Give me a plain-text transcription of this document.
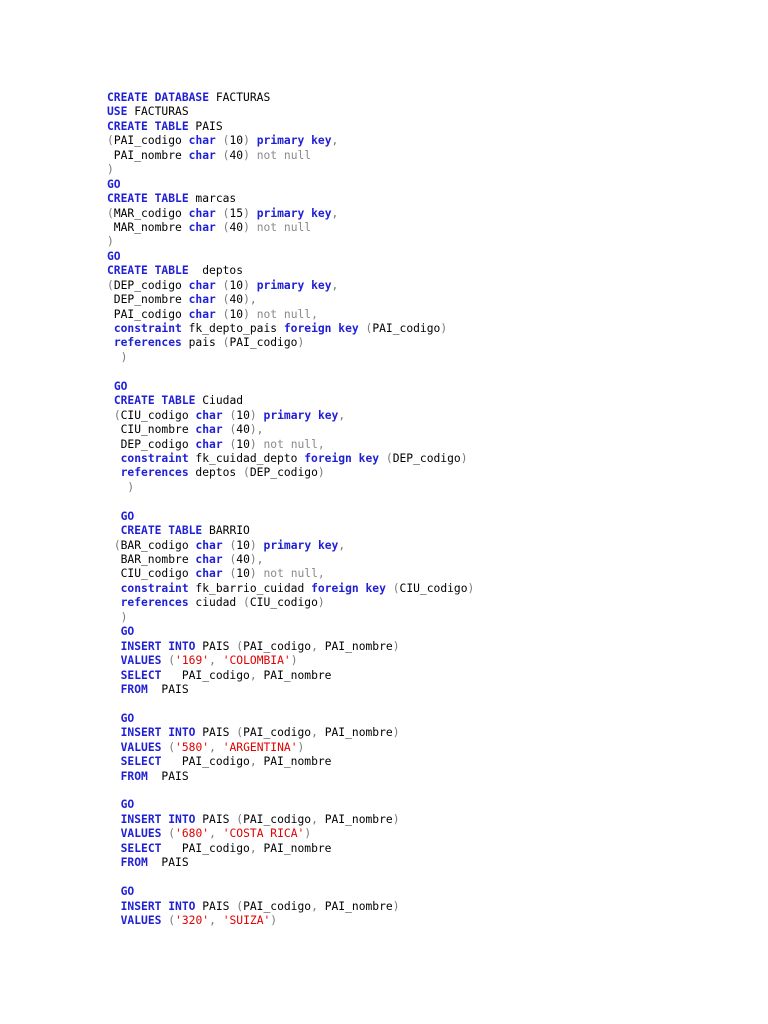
CREATE DATABASE FACTURAS
USE FACTURAS
CREATE TABLE PAIS
(PAI_codigo char (10) primary key,
PAI_nombre char (40) not null
)
GO
CREATE TABLE marcas
(MAR_codigo char (15) primary key,
MAR_nombre char (40) not null
)
GO
CREATE TABLE  deptos
(DEP_codigo char (10) primary key,
DEP_nombre char (40),
PAI_codigo char (10) not null,
constraint fk_depto_pais foreign key (PAI_codigo)
references pais (PAI_codigo)
)
GO
CREATE TABLE Ciudad
(CIU_codigo char (10) primary key,
CIU_nombre char (40),
DEP_codigo char (10) not null,
constraint fk_cuidad_depto foreign key (DEP_codigo)
references deptos (DEP_codigo)
)
GO
CREATE TABLE BARRIO
(BAR_codigo char (10) primary key,
BAR_nombre char (40),
CIU_codigo char (10) not null,
constraint fk_barrio_cuidad foreign key (CIU_codigo)
references ciudad (CIU_codigo)
)
GO
INSERT INTO PAIS (PAI_codigo, PAI_nombre)
VALUES ('169', 'COLOMBIA')
SELECT   PAI_codigo, PAI_nombre
FROM  PAIS
GO
INSERT INTO PAIS (PAI_codigo, PAI_nombre)
VALUES ('580', 'ARGENTINA')
SELECT   PAI_codigo, PAI_nombre
FROM  PAIS
GO
INSERT INTO PAIS (PAI_codigo, PAI_nombre)
VALUES ('680', 'COSTA RICA')
SELECT   PAI_codigo, PAI_nombre
FROM  PAIS
GO
INSERT INTO PAIS (PAI_codigo, PAI_nombre)
VALUES ('320', 'SUIZA')
